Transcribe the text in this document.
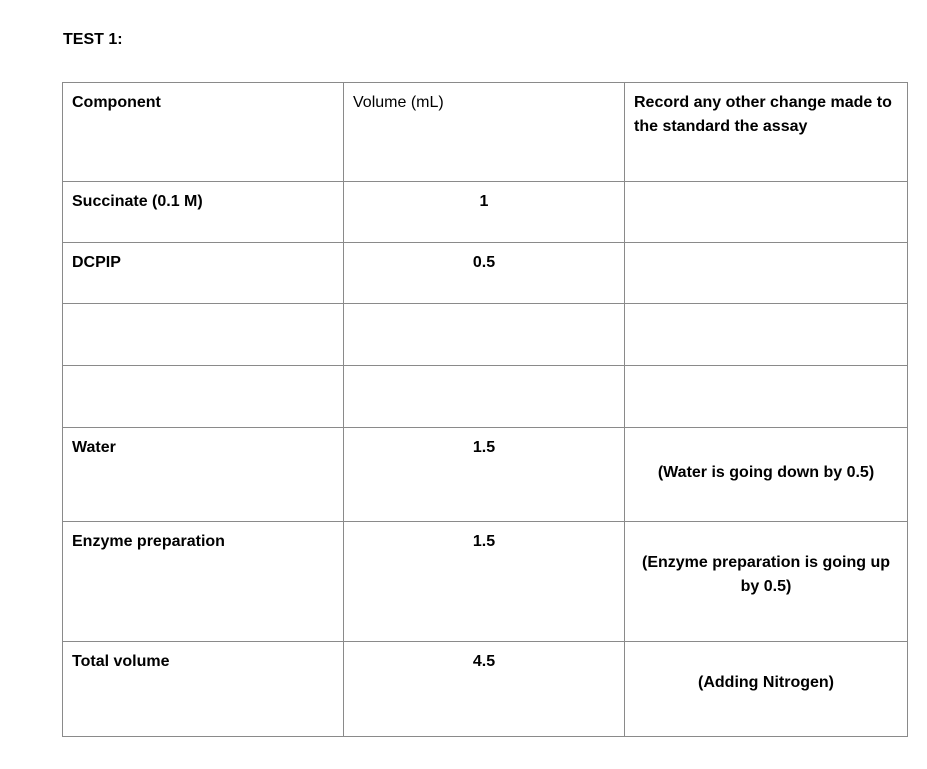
TEST 1:
Component	Volume (mL)	Record any other change made to the standard the assay
Succinate (0.1 M)	1	

DCPIP	0.5	

Water	1.5	(Water is going down by 0.5)

Enzyme preparation	1.5	(Enzyme preparation is going up by 0.5)

Total volume	4.5	(Adding Nitrogen)
